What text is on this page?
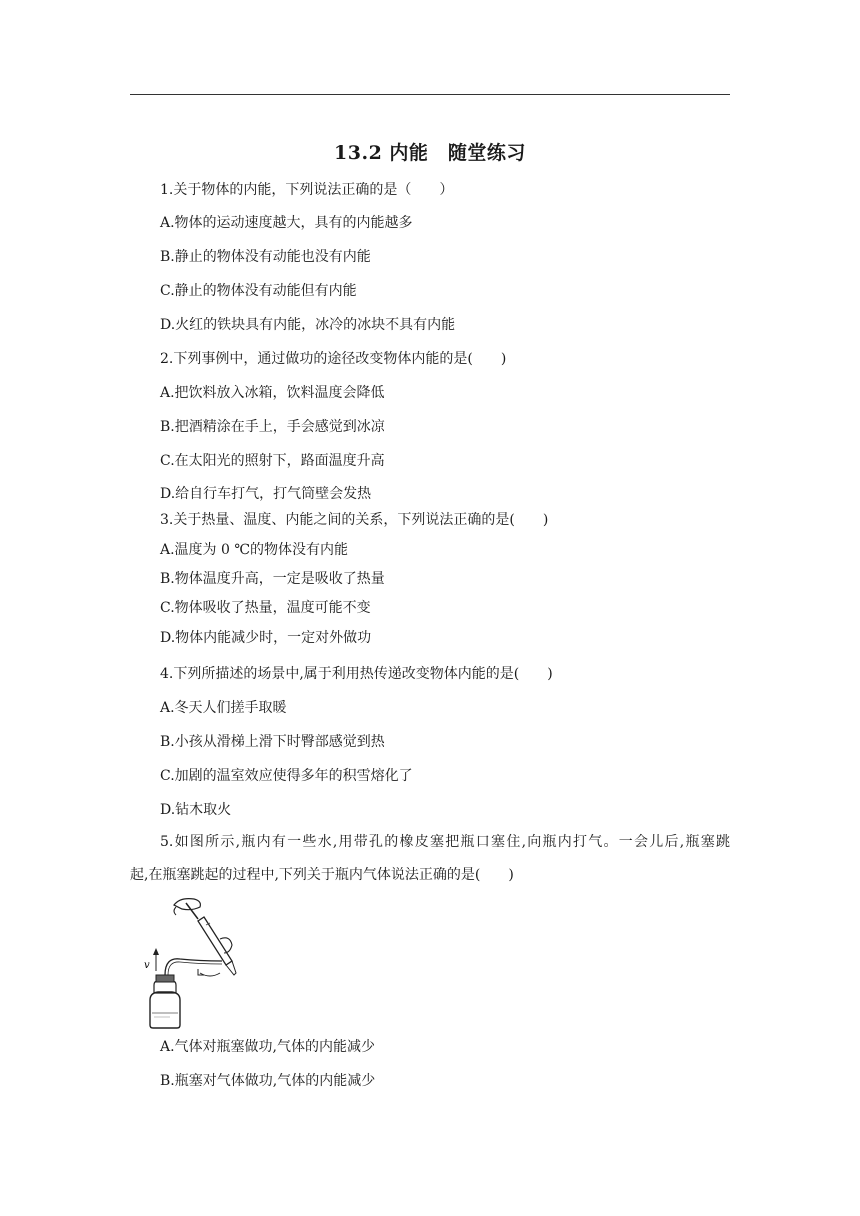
13.2 内能　随堂练习
1.关于物体的内能，下列说法正确的是（　　）
A.物体的运动速度越大，具有的内能越多
B.静止的物体没有动能也没有内能
C.静止的物体没有动能但有内能
D.火红的铁块具有内能，冰冷的冰块不具有内能
2.下列事例中，通过做功的途径改变物体内能的是(　　)
A.把饮料放入冰箱，饮料温度会降低
B.把酒精涂在手上，手会感觉到冰凉
C.在太阳光的照射下，路面温度升高
D.给自行车打气，打气筒壁会发热
3.关于热量、温度、内能之间的关系，下列说法正确的是(　　)
A.温度为 0 ℃的物体没有内能
B.物体温度升高，一定是吸收了热量
C.物体吸收了热量，温度可能不变
D.物体内能减少时，一定对外做功
4.下列所描述的场景中,属于利用热传递改变物体内能的是(　　)
A.冬天人们搓手取暖
B.小孩从滑梯上滑下时臀部感觉到热
C.加剧的温室效应使得多年的积雪熔化了
D.钻木取火
5.如图所示,瓶内有一些水,用带孔的橡皮塞把瓶口塞住,向瓶内打气。一会儿后,瓶塞跳
起,在瓶塞跳起的过程中,下列关于瓶内气体说法正确的是(　　)
v
A.气体对瓶塞做功,气体的内能减少
B.瓶塞对气体做功,气体的内能减少
